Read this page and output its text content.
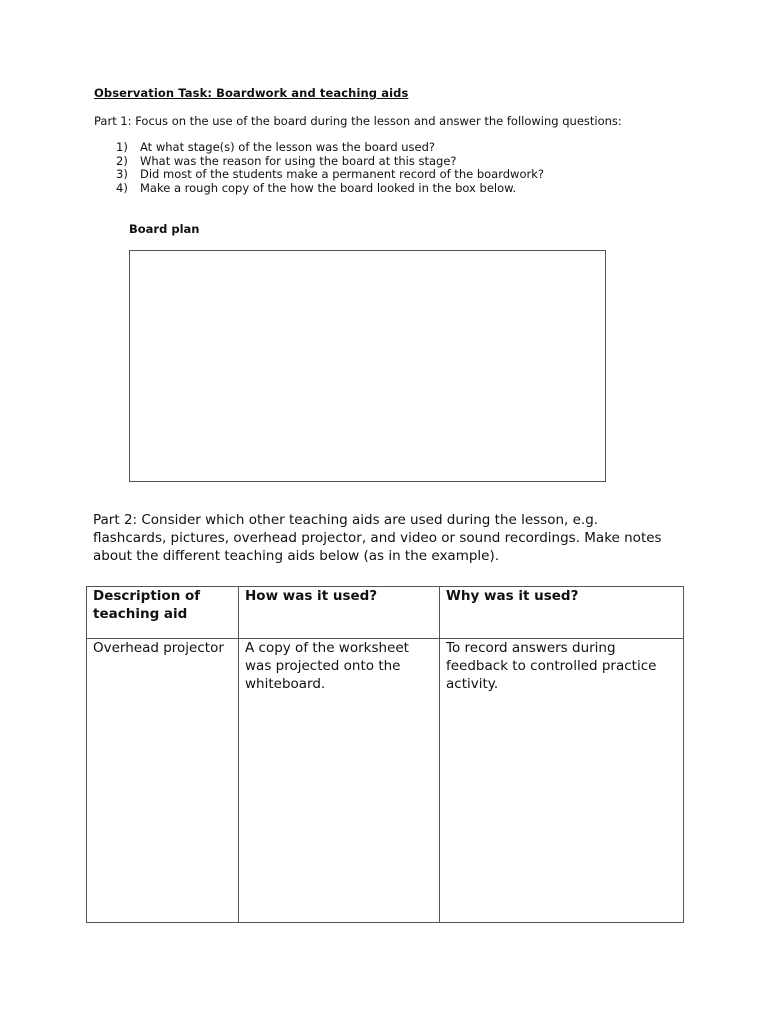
Observation Task: Boardwork and teaching aids
Part 1: Focus on the use of the board during the lesson and answer the following questions:
1)	At what stage(s) of the lesson was the board used?
2)	What was the reason for using the board at this stage?
3)	Did most of the students make a permanent record of the boardwork?
4)	Make a rough copy of the how the board looked in the box below.
Board plan
Part 2: Consider which other teaching aids are used during the lesson, e.g. flashcards, pictures, overhead projector, and video or sound recordings. Make notes about the different teaching aids below (as in the example).
Description of teaching aid	How was it used?	Why was it used?
Overhead projector	A copy of the worksheet was projected onto the whiteboard.	To record answers during feedback to controlled practice activity.
